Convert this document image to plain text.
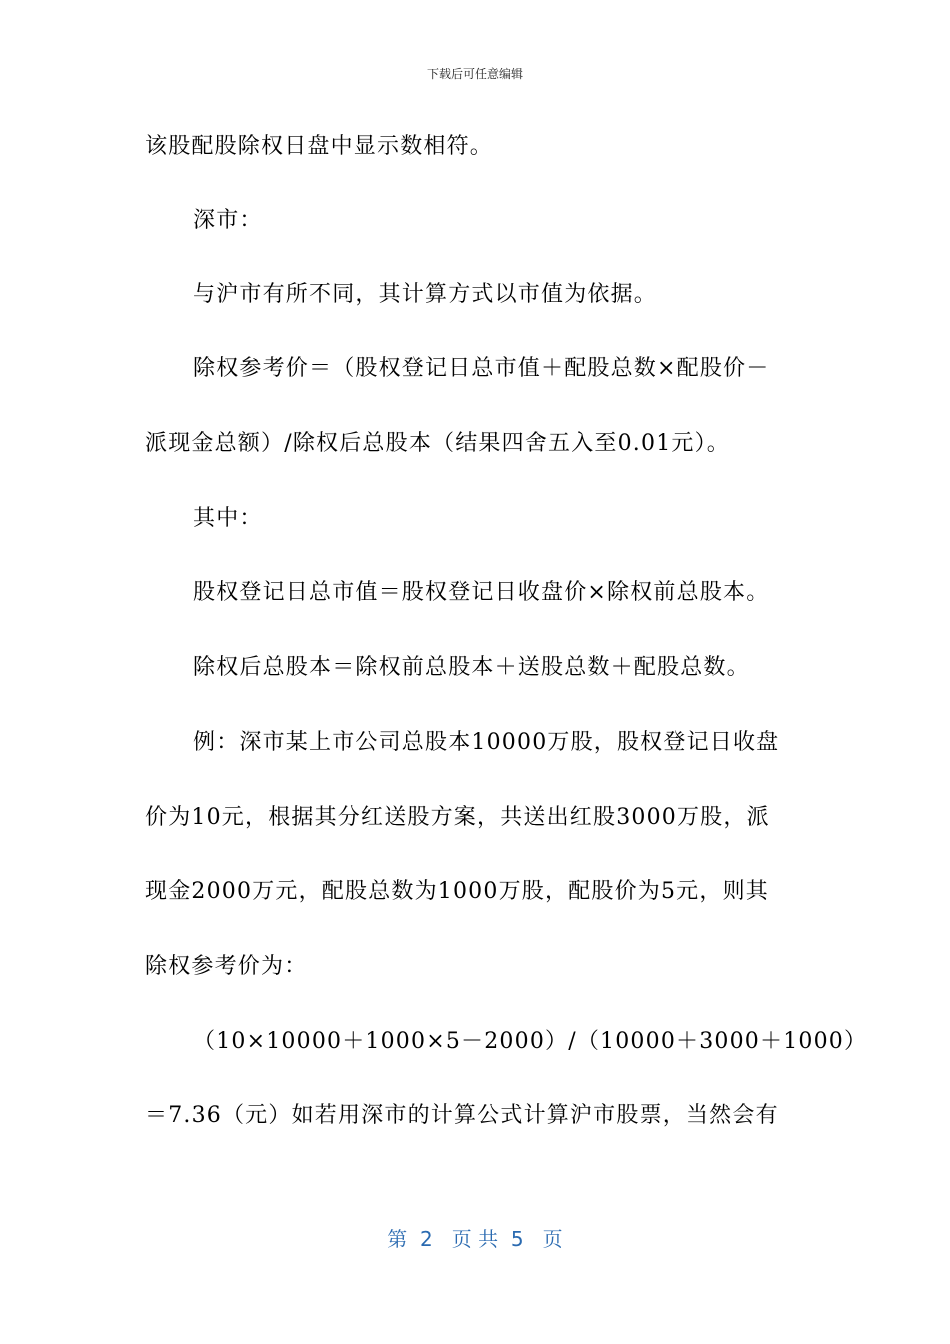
下载后可任意编辑
该股配股除权日盘中显示数相符。
深市：
与沪市有所不同，其计算方式以市值为依据。
除权参考价＝（股权登记日总市值＋配股总数×配股价－
派现金总额）/除权后总股本（结果四舍五入至0.01元）。
其中：
股权登记日总市值＝股权登记日收盘价×除权前总股本。
除权后总股本＝除权前总股本＋送股总数＋配股总数。
例：深市某上市公司总股本10000万股，股权登记日收盘
价为10元，根据其分红送股方案，共送出红股3000万股，派
现金2000万元，配股总数为1000万股，配股价为5元，则其
除权参考价为：
（10×10000＋1000×5－2000）/（10000＋3000＋1000）
＝7.36（元）如若用深市的计算公式计算沪市股票，当然会有
第  2   页 共  5   页
